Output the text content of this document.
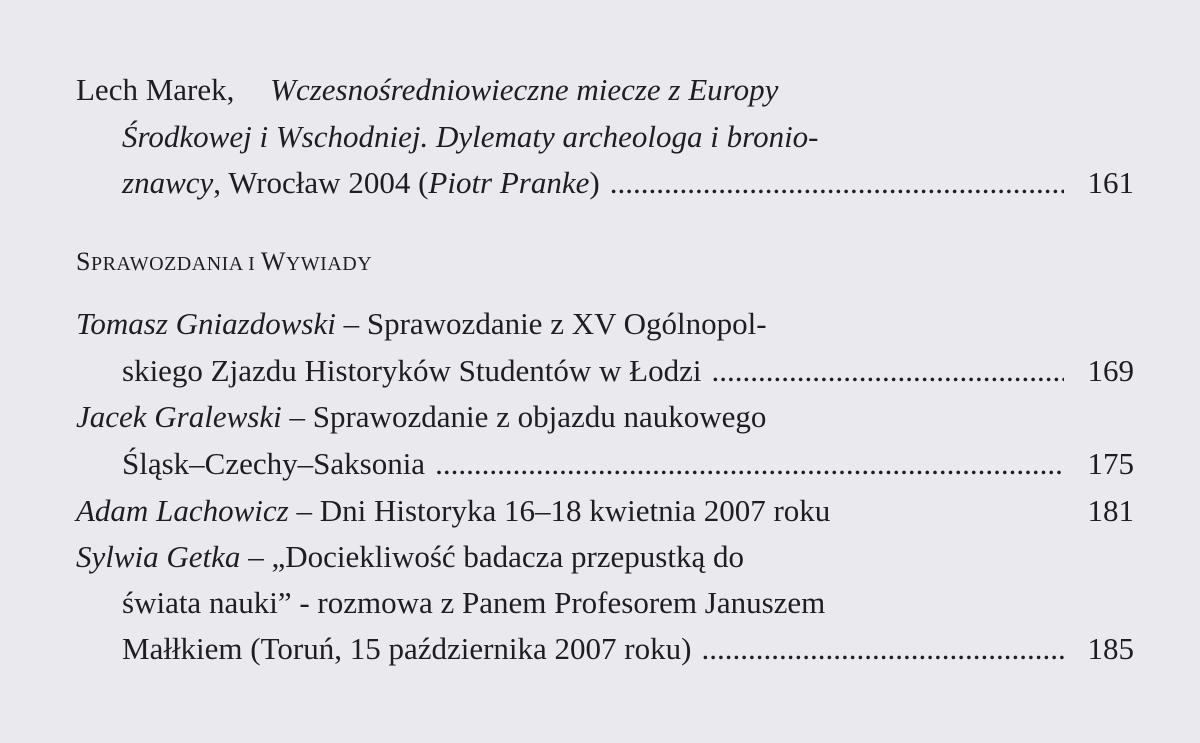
Lech Marek, Wczesnośredniowieczne miecze z Europy
Środkowej i Wschodniej. Dylematy archeologa i bronio-
znawcy, Wrocław 2004 (Piotr Pranke) .....	161
SPRAWOZDANIA I WYWIADY
Tomasz Gniazdowski – Sprawozdanie z XV Ogólnopol-
skiego Zjazdu Historyków Studentów w Łodzi .....	169
Jacek Gralewski – Sprawozdanie z objazdu naukowego
Śląsk–Czechy–Saksonia .....	175
Adam Lachowicz – Dni Historyka 16–18 kwietnia 2007 roku	181
Sylwia Getka – „Dociekliwość badacza przepustką do
świata nauki” - rozmowa z Panem Profesorem Januszem
Małłkiem (Toruń, 15 października 2007 roku) .....	185
